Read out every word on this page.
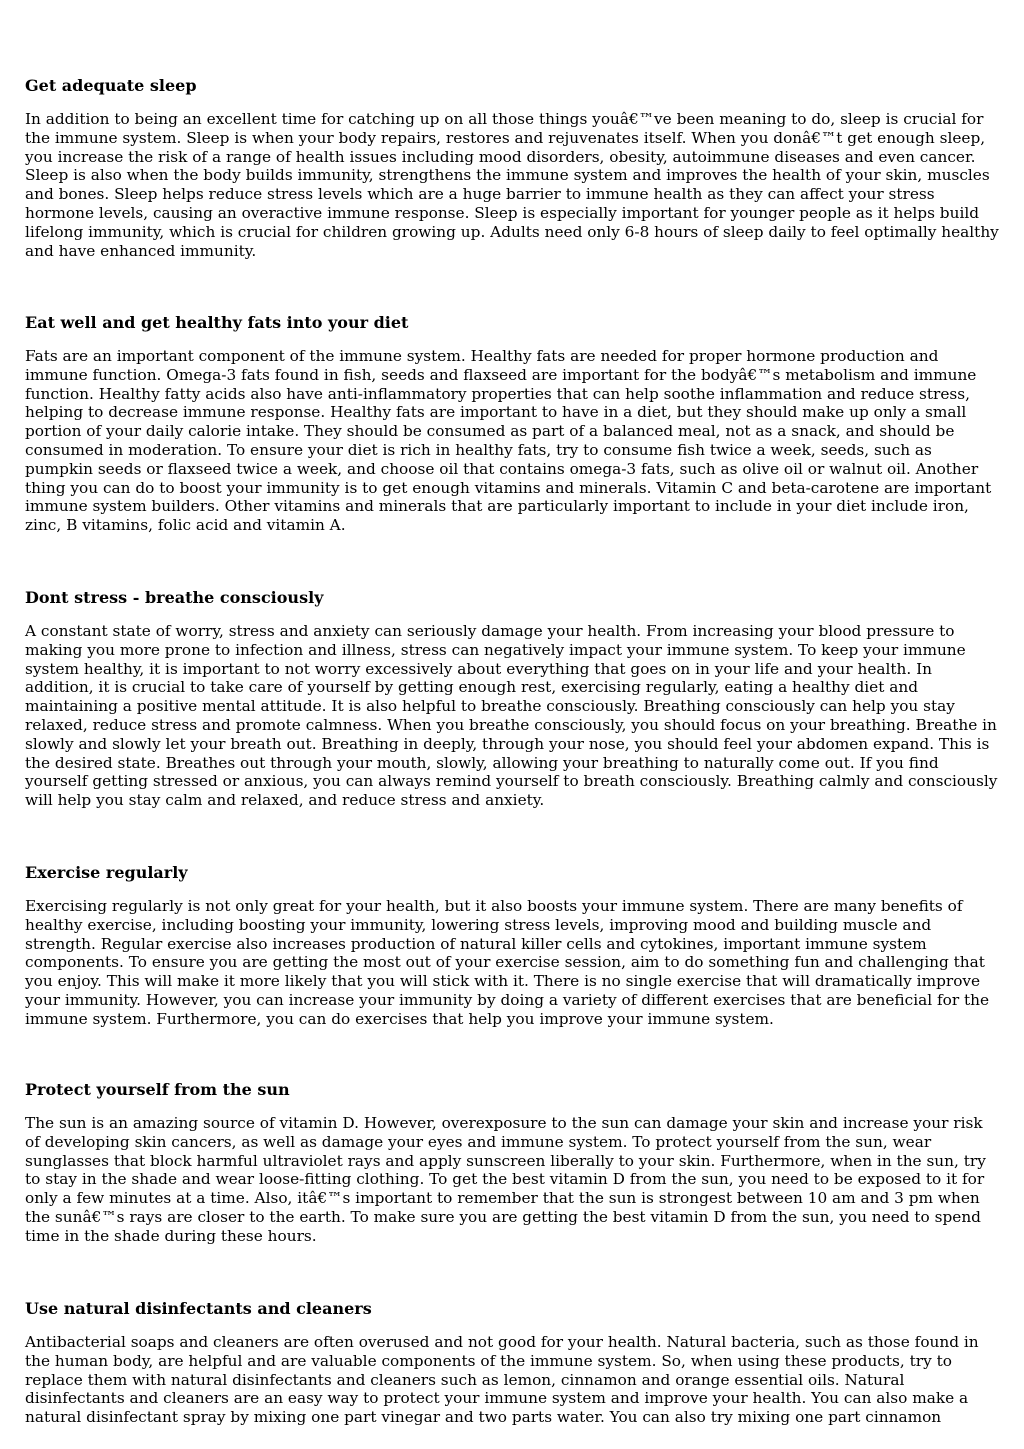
Get adequate sleep

In addition to being an excellent time for catching up on all those things youâ€™ve been meaning to do, sleep is crucial for the immune system. Sleep is when your body repairs, restores and rejuvenates itself. When you donâ€™t get enough sleep, you increase the risk of a range of health issues including mood disorders, obesity, autoimmune diseases and even cancer. Sleep is also when the body builds immunity, strengthens the immune system and improves the health of your skin, muscles and bones. Sleep helps reduce stress levels which are a huge barrier to immune health as they can affect your stress hormone levels, causing an overactive immune response. Sleep is especially important for younger people as it helps build lifelong immunity, which is crucial for children growing up. Adults need only 6-8 hours of sleep daily to feel optimally healthy and have enhanced immunity.

Eat well and get healthy fats into your diet

Fats are an important component of the immune system. Healthy fats are needed for proper hormone production and immune function. Omega-3 fats found in fish, seeds and flaxseed are important for the bodyâ€™s metabolism and immune function. Healthy fatty acids also have anti-inflammatory properties that can help soothe inflammation and reduce stress, helping to decrease immune response. Healthy fats are important to have in a diet, but they should make up only a small portion of your daily calorie intake. They should be consumed as part of a balanced meal, not as a snack, and should be consumed in moderation. To ensure your diet is rich in healthy fats, try to consume fish twice a week, seeds, such as pumpkin seeds or flaxseed twice a week, and choose oil that contains omega-3 fats, such as olive oil or walnut oil. Another thing you can do to boost your immunity is to get enough vitamins and minerals. Vitamin C and beta-carotene are important immune system builders. Other vitamins and minerals that are particularly important to include in your diet include iron, zinc, B vitamins, folic acid and vitamin A.

Dont stress - breathe consciously

A constant state of worry, stress and anxiety can seriously damage your health. From increasing your blood pressure to making you more prone to infection and illness, stress can negatively impact your immune system. To keep your immune system healthy, it is important to not worry excessively about everything that goes on in your life and your health. In addition, it is crucial to take care of yourself by getting enough rest, exercising regularly, eating a healthy diet and maintaining a positive mental attitude. It is also helpful to breathe consciously. Breathing consciously can help you stay relaxed, reduce stress and promote calmness. When you breathe consciously, you should focus on your breathing. Breathe in slowly and slowly let your breath out. Breathing in deeply, through your nose, you should feel your abdomen expand. This is the desired state. Breathes out through your mouth, slowly, allowing your breathing to naturally come out. If you find yourself getting stressed or anxious, you can always remind yourself to breath consciously. Breathing calmly and consciously will help you stay calm and relaxed, and reduce stress and anxiety.

Exercise regularly

Exercising regularly is not only great for your health, but it also boosts your immune system. There are many benefits of healthy exercise, including boosting your immunity, lowering stress levels, improving mood and building muscle and strength. Regular exercise also increases production of natural killer cells and cytokines, important immune system components. To ensure you are getting the most out of your exercise session, aim to do something fun and challenging that you enjoy. This will make it more likely that you will stick with it. There is no single exercise that will dramatically improve your immunity. However, you can increase your immunity by doing a variety of different exercises that are beneficial for the immune system. Furthermore, you can do exercises that help you improve your immune system.

Protect yourself from the sun

The sun is an amazing source of vitamin D. However, overexposure to the sun can damage your skin and increase your risk of developing skin cancers, as well as damage your eyes and immune system. To protect yourself from the sun, wear sunglasses that block harmful ultraviolet rays and apply sunscreen liberally to your skin. Furthermore, when in the sun, try to stay in the shade and wear loose-fitting clothing. To get the best vitamin D from the sun, you need to be exposed to it for only a few minutes at a time. Also, itâ€™s important to remember that the sun is strongest between 10 am and 3 pm when the sunâ€™s rays are closer to the earth. To make sure you are getting the best vitamin D from the sun, you need to spend time in the shade during these hours.

Use natural disinfectants and cleaners

Antibacterial soaps and cleaners are often overused and not good for your health. Natural bacteria, such as those found in the human body, are helpful and are valuable components of the immune system. So, when using these products, try to replace them with natural disinfectants and cleaners such as lemon, cinnamon and orange essential oils. Natural disinfectants and cleaners are an easy way to protect your immune system and improve your health. You can also make a natural disinfectant spray by mixing one part vinegar and two parts water. You can also try mixing one part cinnamon
